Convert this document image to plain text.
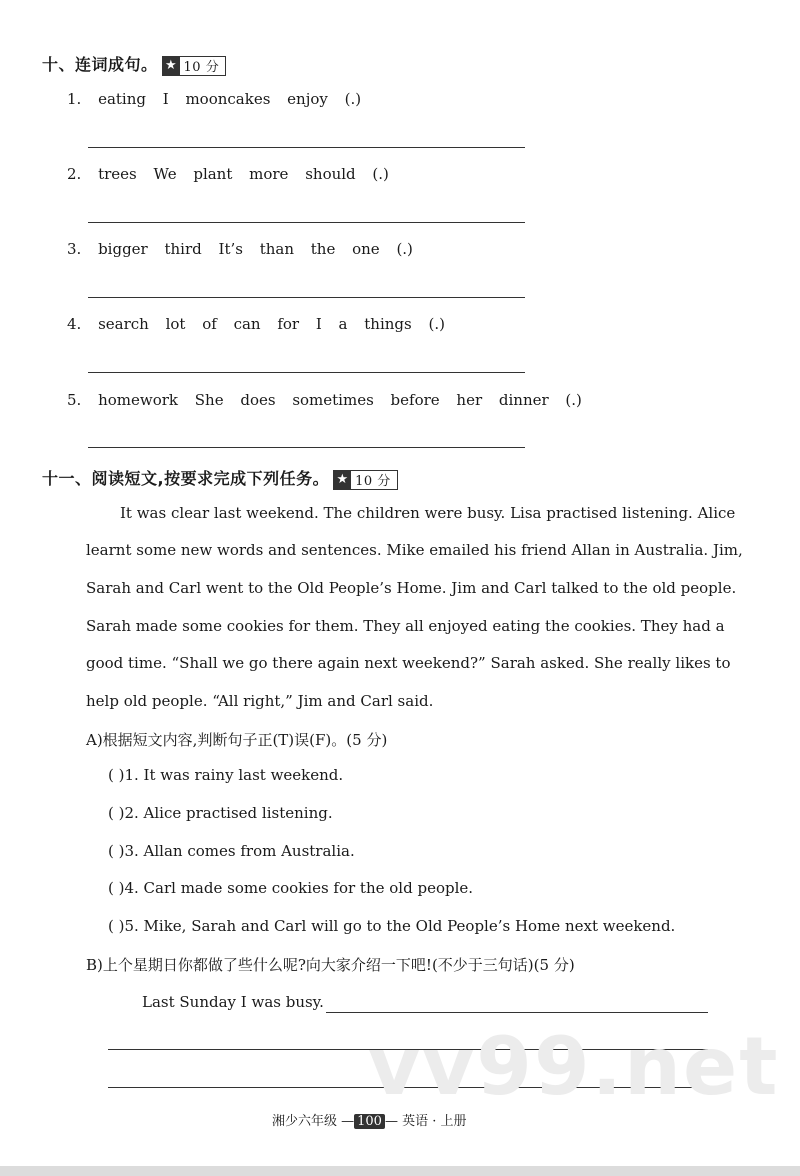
十、连词成句。 ★ 10 分
1. eating I mooncakes enjoy (.)
2. trees We plant more should (.)
3. bigger third It’s than the one (.)
4. search lot of can for I a things (.)
5. homework She does sometimes before her dinner (.)
十一、阅读短文,按要求完成下列任务。 ★ 10 分
It was clear last weekend. The children were busy. Lisa practised listening. Alice
learnt some new words and sentences. Mike emailed his friend Allan in Australia. Jim,
Sarah and Carl went to the Old People’s Home. Jim and Carl talked to the old people.
Sarah made some cookies for them. They all enjoyed eating the cookies. They had a
good time. “Shall we go there again next weekend?” Sarah asked. She really likes to
help old people. “All right,” Jim and Carl said.
A)根据短文内容,判断句子正(T)误(F)。(5 分)
( )1. It was rainy last weekend.
( )2. Alice practised listening.
( )3. Allan comes from Australia.
( )4. Carl made some cookies for the old people.
( )5. Mike, Sarah and Carl will go to the Old People’s Home next weekend.
B)上个星期日你都做了些什么呢?向大家介绍一下吧!(不少于三句话)(5 分)
Last Sunday I was busy.
vv99.net
湘少六年级 — 100 — 英语 · 上册
